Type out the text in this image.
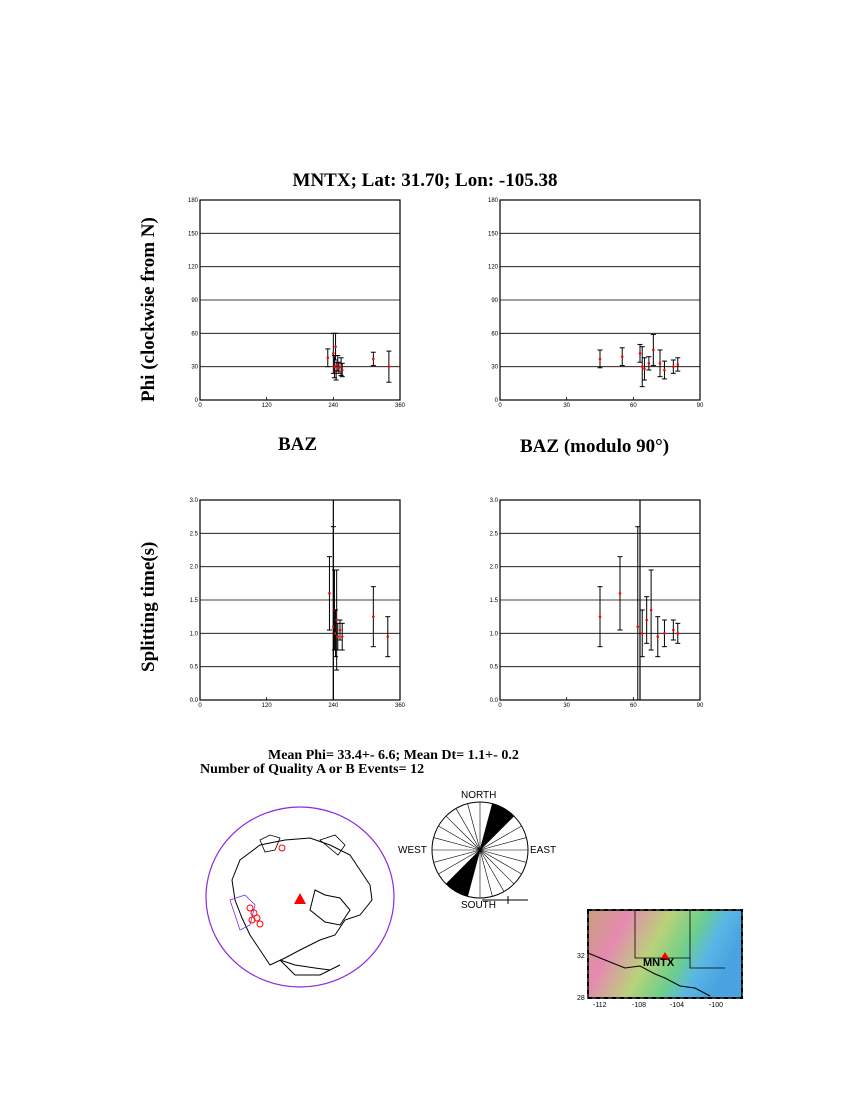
MNTX; Lat: 31.70; Lon: -105.38
Phi (clockwise from N)
Splitting time(s)
BAZ	BAZ (modulo 90°)
0
30
60
90
120
150
180
0	120	240	360
0
30
60
90
120
150
180
0	30	60	90
0.0
0.5
1.0
1.5
2.0
2.5
3.0
0	120	240	360
0.0
0.5
1.0
1.5
2.0
2.5
3.0
0	30	60	90
Mean Phi= 33.4+- 6.6; Mean Dt= 1.1+- 0.2
Number of Quality A or B Events= 12
NORTH
SOUTH
EAST
WEST
MNTX
32
28
-112	-108	-104	-100
